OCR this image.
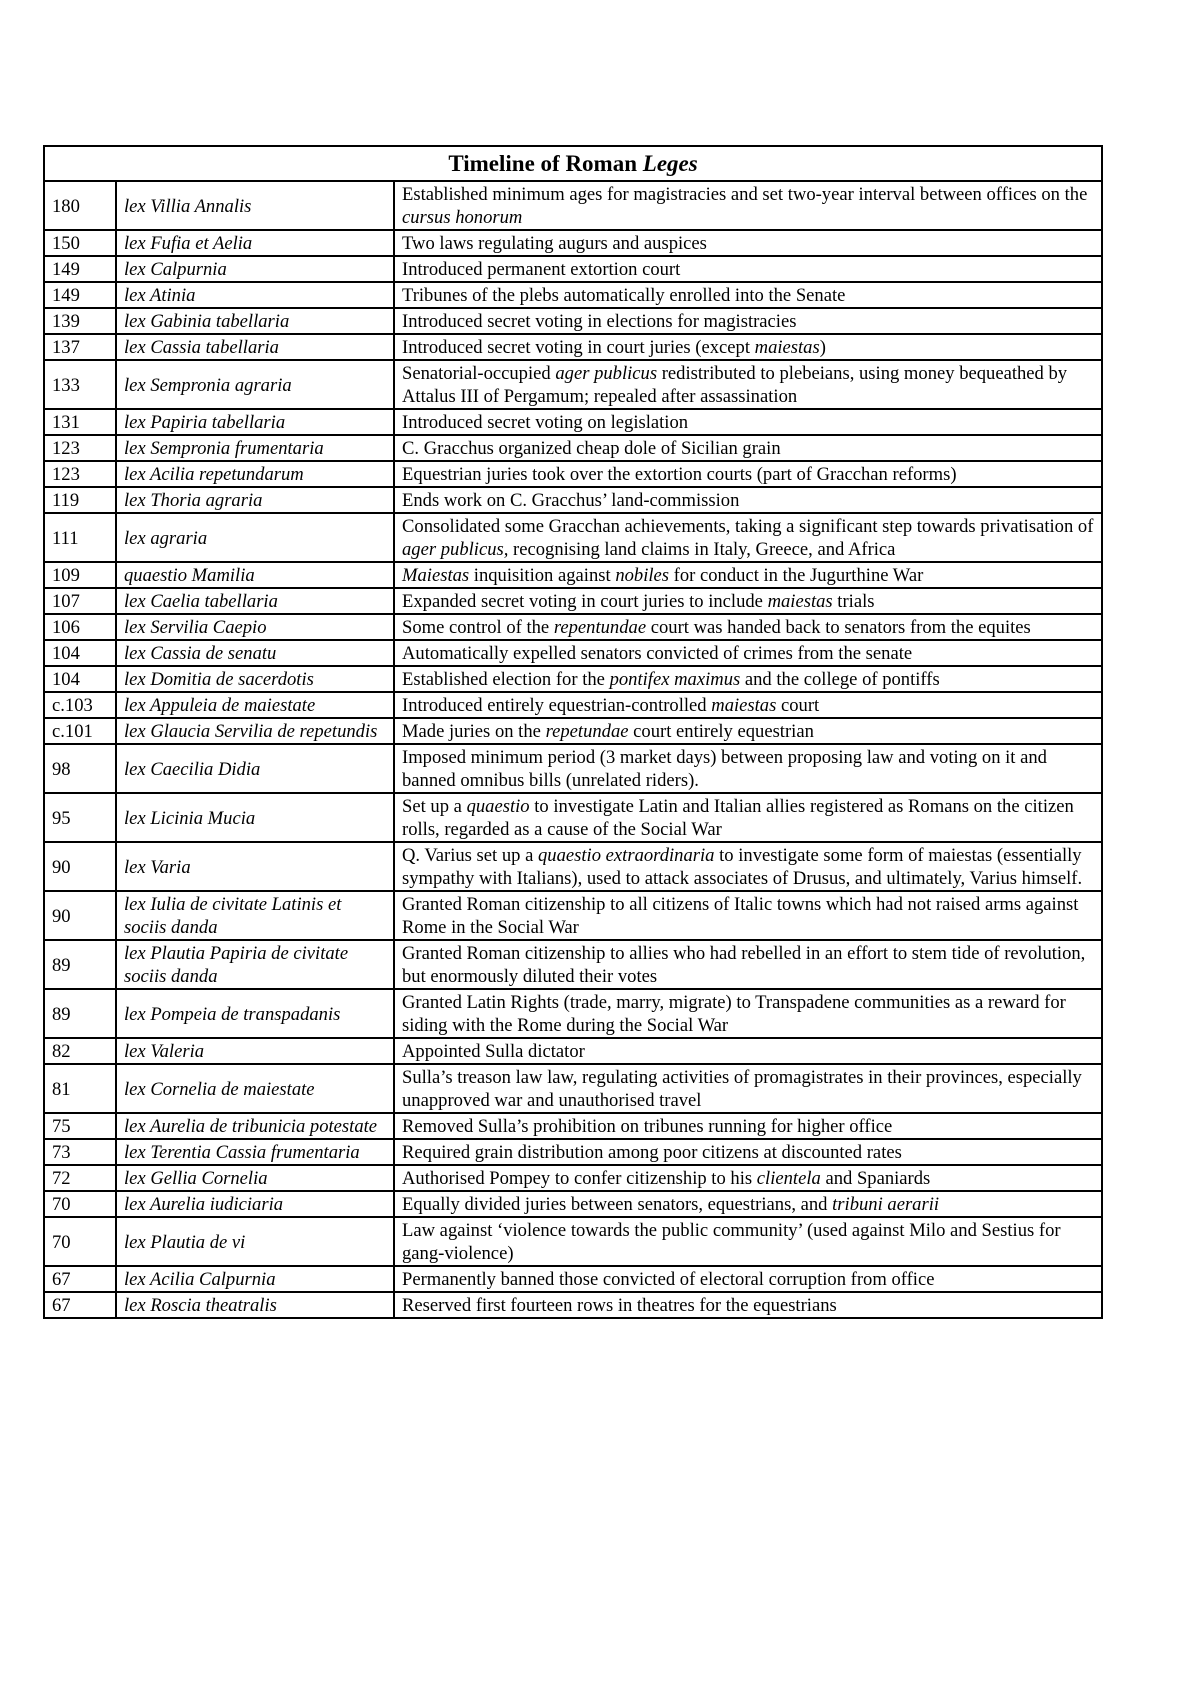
Timeline of Roman Leges		
180	lex Villia Annalis	Established minimum ages for magistracies and set two-year interval between offices on the cursus honorum
150	lex Fufia et Aelia	Two laws regulating augurs and auspices
149	lex Calpurnia	Introduced permanent extortion court
149	lex Atinia	Tribunes of the plebs automatically enrolled into the Senate
139	lex Gabinia tabellaria	Introduced secret voting in elections for magistracies
137	lex Cassia tabellaria	Introduced secret voting in court juries (except maiestas)
133	lex Sempronia agraria	Senatorial-occupied ager publicus redistributed to plebeians, using money bequeathed by Attalus III of Pergamum; repealed after assassination
131	lex Papiria tabellaria	Introduced secret voting on legislation
123	lex Sempronia frumentaria	C. Gracchus organized cheap dole of Sicilian grain
123	lex Acilia repetundarum	Equestrian juries took over the extortion courts (part of Gracchan reforms)
119	lex Thoria agraria	Ends work on C. Gracchus’ land-commission
111	lex agraria	Consolidated some Gracchan achievements, taking a significant step towards privatisation of ager publicus, recognising land claims in Italy, Greece, and Africa
109	quaestio Mamilia	Maiestas inquisition against nobiles for conduct in the Jugurthine War
107	lex Caelia tabellaria	Expanded secret voting in court juries to include maiestas trials
106	lex Servilia Caepio	Some control of the repentundae court was handed back to senators from the equites
104	lex Cassia de senatu	Automatically expelled senators convicted of crimes from the senate
104	lex Domitia de sacerdotis	Established election for the pontifex maximus and the college of pontiffs
c.103	lex Appuleia de maiestate	Introduced entirely equestrian-controlled maiestas court
c.101	lex Glaucia Servilia de repetundis	Made juries on the repetundae court entirely equestrian
98	lex Caecilia Didia	Imposed minimum period (3 market days) between proposing law and voting on it and banned omnibus bills (unrelated riders).
95	lex Licinia Mucia	Set up a quaestio to investigate Latin and Italian allies registered as Romans on the citizen rolls, regarded as a cause of the Social War
90	lex Varia	Q. Varius set up a quaestio extraordinaria to investigate some form of maiestas (essentially sympathy with Italians), used to attack associates of Drusus, and ultimately, Varius himself.
90	lex Iulia de civitate Latinis et sociis danda	Granted Roman citizenship to all citizens of Italic towns which had not raised arms against Rome in the Social War
89	lex Plautia Papiria de civitate sociis danda	Granted Roman citizenship to allies who had rebelled in an effort to stem tide of revolution, but enormously diluted their votes
89	lex Pompeia de transpadanis	Granted Latin Rights (trade, marry, migrate) to Transpadene communities as a reward for siding with the Rome during the Social War
82	lex Valeria	Appointed Sulla dictator
81	lex Cornelia de maiestate	Sulla’s treason law law, regulating activities of promagistrates in their provinces, especially unapproved war and unauthorised travel
75	lex Aurelia de tribunicia potestate	Removed Sulla’s prohibition on tribunes running for higher office
73	lex Terentia Cassia frumentaria	Required grain distribution among poor citizens at discounted rates
72	lex Gellia Cornelia	Authorised Pompey to confer citizenship to his clientela and Spaniards
70	lex Aurelia iudiciaria	Equally divided juries between senators, equestrians, and tribuni aerarii
70	lex Plautia de vi	Law against ‘violence towards the public community’ (used against Milo and Sestius for gang-violence)
67	lex Acilia Calpurnia	Permanently banned those convicted of electoral corruption from office
67	lex Roscia theatralis	Reserved first fourteen rows in theatres for the equestrians
